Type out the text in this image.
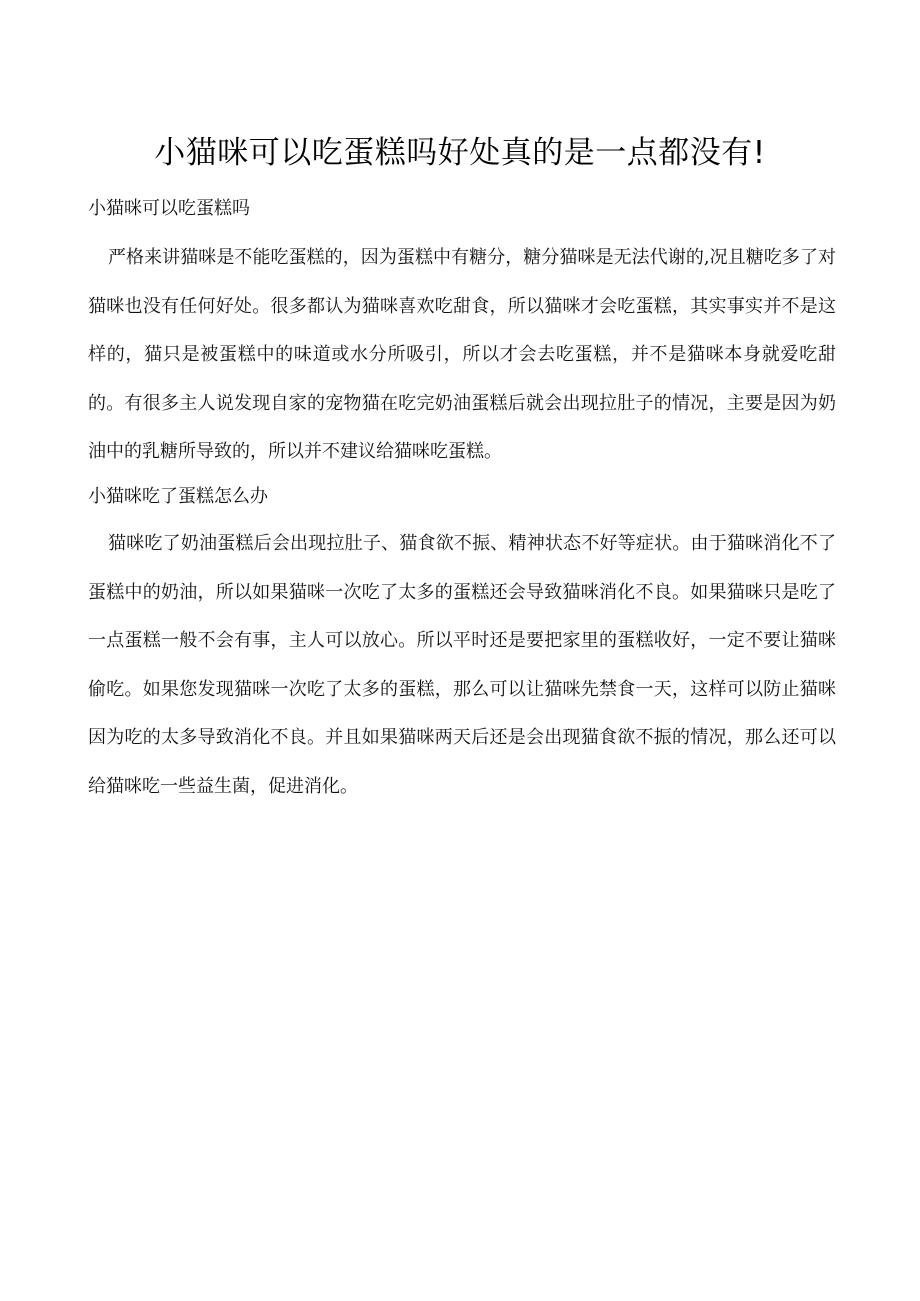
小猫咪可以吃蛋糕吗好处真的是一点都没有!
小猫咪可以吃蛋糕吗

严格来讲猫咪是不能吃蛋糕的，因为蛋糕中有糖分，糖分猫咪是无法代谢的,况且糖吃多了对猫咪也没有任何好处。很多都认为猫咪喜欢吃甜食，所以猫咪才会吃蛋糕，其实事实并不是这样的，猫只是被蛋糕中的味道或水分所吸引，所以才会去吃蛋糕，并不是猫咪本身就爱吃甜的。有很多主人说发现自家的宠物猫在吃完奶油蛋糕后就会出现拉肚子的情况，主要是因为奶油中的乳糖所导致的，所以并不建议给猫咪吃蛋糕。

小猫咪吃了蛋糕怎么办

猫咪吃了奶油蛋糕后会出现拉肚子、猫食欲不振、精神状态不好等症状。由于猫咪消化不了蛋糕中的奶油，所以如果猫咪一次吃了太多的蛋糕还会导致猫咪消化不良。如果猫咪只是吃了一点蛋糕一般不会有事，主人可以放心。所以平时还是要把家里的蛋糕收好，一定不要让猫咪偷吃。如果您发现猫咪一次吃了太多的蛋糕，那么可以让猫咪先禁食一天，这样可以防止猫咪因为吃的太多导致消化不良。并且如果猫咪两天后还是会出现猫食欲不振的情况，那么还可以给猫咪吃一些益生菌，促进消化。
